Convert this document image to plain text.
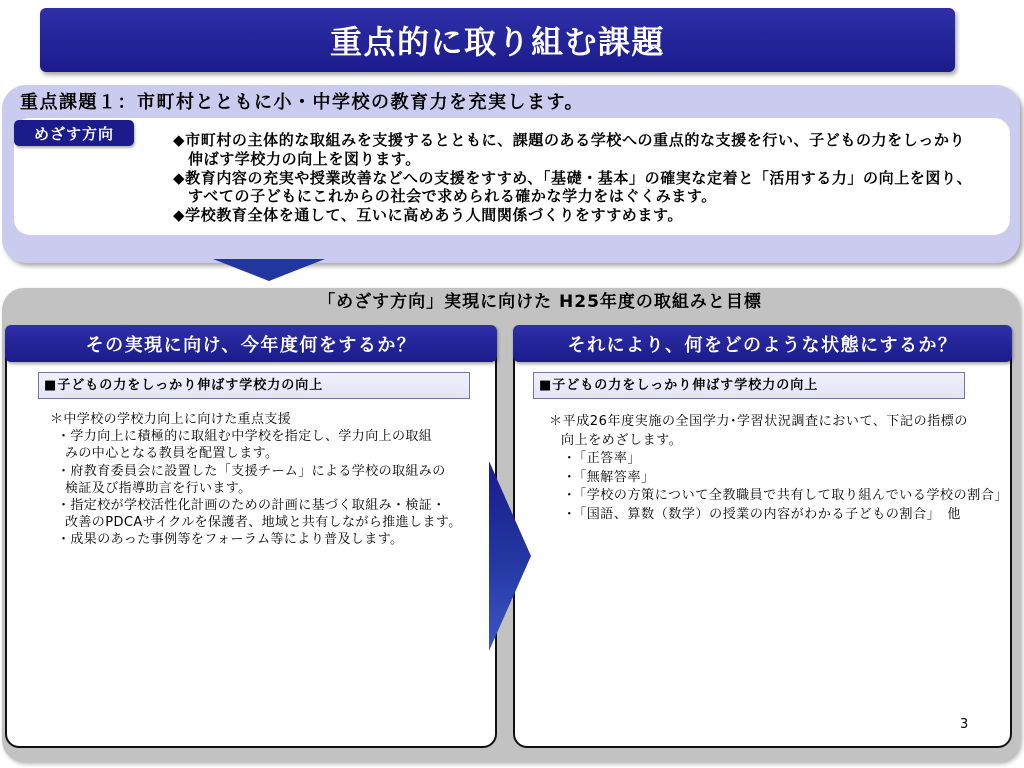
重点的に取り組む課題
重点課題１：市町村とともに小・中学校の教育力を充実します。
めざす方向	◆市町村の主体的な取組みを支援するとともに、課題のある学校への重点的な支援を行い、子どもの力をしっかり
伸ばす学校力の向上を図ります。
◆教育内容の充実や授業改善などへの支援をすすめ、「基礎・基本」の確実な定着と「活用する力」の向上を図り、
すべての子どもにこれからの社会で求められる確かな学力をはぐくみます。
◆学校教育全体を通して、互いに高めあう人間関係づくりをすすめます。
「めざす方向」実現に向けた H25年度の取組みと目標
その実現に向け、今年度何をするか？
■子どもの力をしっかり伸ばす学校力の向上
＊中学校の学校力向上に向けた重点支援
・学力向上に積極的に取組む中学校を指定し、学力向上の取組
みの中心となる教員を配置します。
・府教育委員会に設置した「支援チーム」による学校の取組みの
検証及び指導助言を行います。
・指定校が学校活性化計画のための計画に基づく取組み・検証・
改善のPDCAサイクルを保護者、地域と共有しながら推進します。
・成果のあった事例等をフォーラム等により普及します。
それにより、何をどのような状態にするか？
■子どもの力をしっかり伸ばす学校力の向上
＊平成26年度実施の全国学力･学習状況調査において、下記の指標の
向上をめざします。
･「正答率」
･「無解答率」
･「学校の方策について全教職員で共有して取り組んでいる学校の割合」
･「国語、算数（数学）の授業の内容がわかる子どもの割合」　他
3
